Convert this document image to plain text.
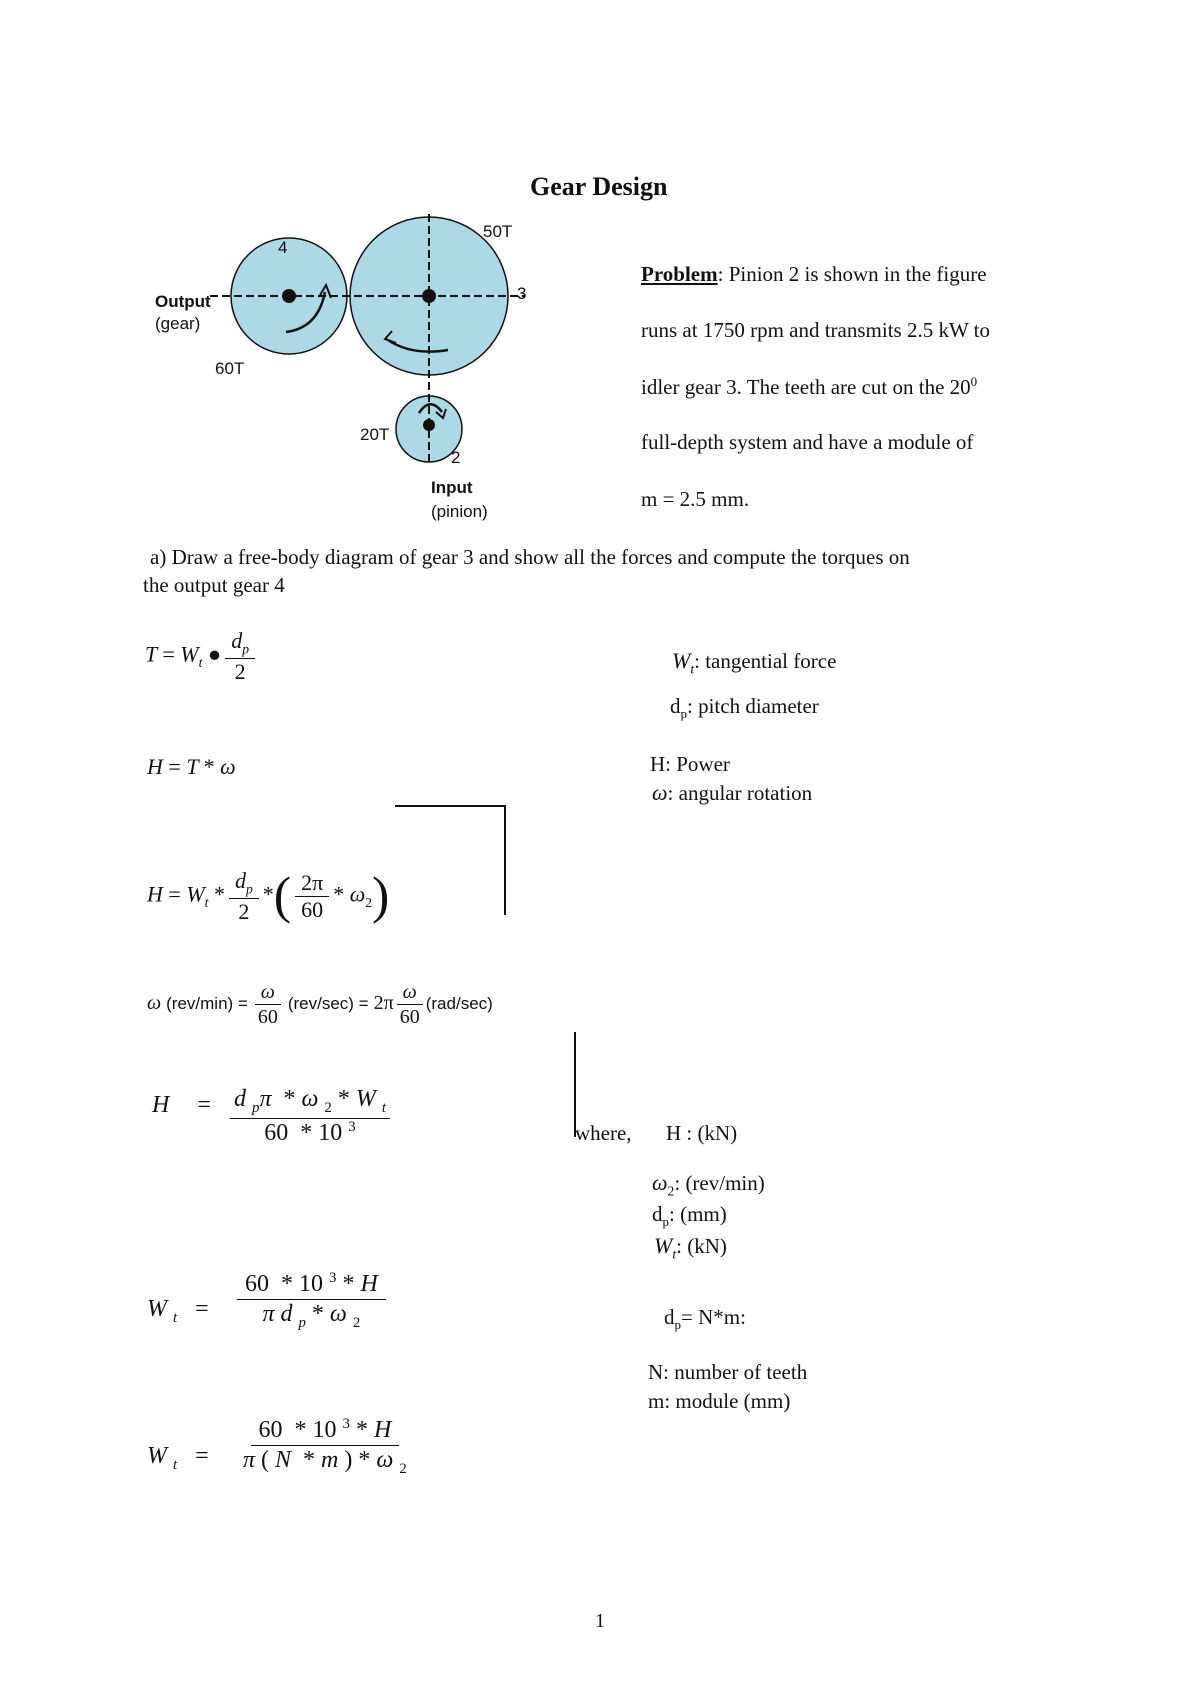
Gear Design
50T
4
3
Output
(gear)
60T
20T
2
Input
(pinion)
Problem: Pinion 2 is shown in the figure
runs at 1750 rpm and transmits 2.5 kW to
idler gear 3. The teeth are cut on the $20^0$
full-depth system and have a module of
m = 2.5 mm.
a) Draw a free-body diagram of gear 3 and show all the forces and compute the torques on
the output gear 4
$T = W_t$ ● $\frac{d_p}{2}$	$W_t$: tangential force
$d_p$: pitch diameter
H = T * ω	H: Power
ω: angular rotation
$H = W_t * \frac{d_p}{2}$ *( $\frac{2\pi}{60} * \omega_2$)
ω $(rev/\min) = \frac{\omega}{60} (rev/\sec) = 2\pi \frac{\omega}{60} (rad/\sec)$
$H = \frac{d _p\pi * \omega _2 * W _t}{60 * 10 ^3}$	where, H : (kN)
$\omega_2$: (rev/min)
$d_p$: (mm)
$W_t$: (kN)
W $_t = \frac{60 * 10 ^3 * H}{\pi d _p * \omega _2}$	$d_p= N*m$:
N: number of teeth
m: module (mm)
W $_t = \frac{60 * 10 ^3 * H}{\pi ( N * m ) * \omega _2}$
1
